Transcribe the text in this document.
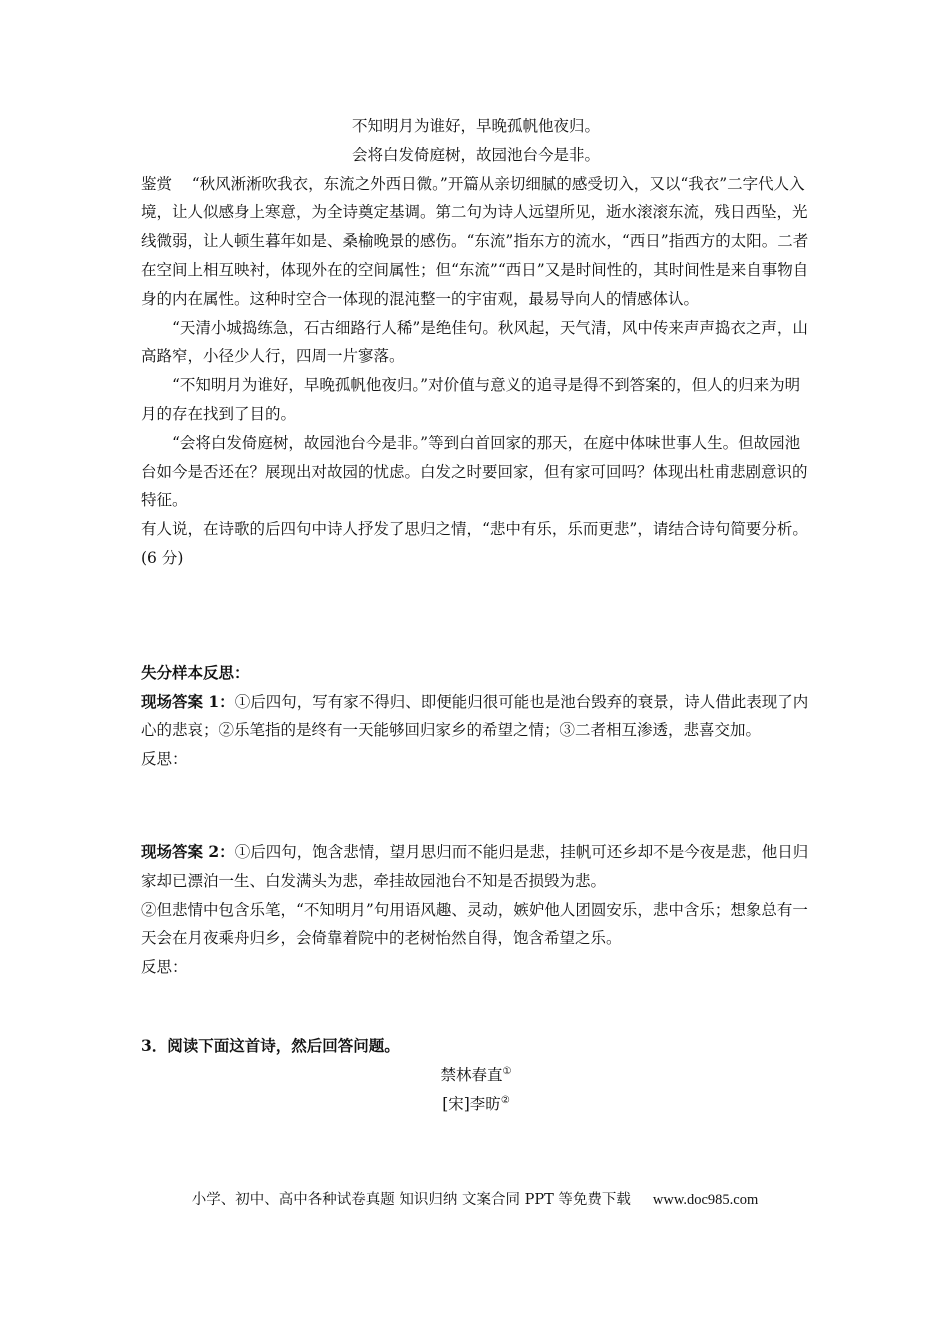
不知明月为谁好，早晚孤帆他夜归。

会将白发倚庭树，故园池台今是非。

鉴赏 “秋风淅淅吹我衣，东流之外西日微。”开篇从亲切细腻的感受切入，又以“我衣”二字代人入境，让人似感身上寒意，为全诗奠定基调。第二句为诗人远望所见，逝水滚滚东流，残日西坠，光线微弱，让人顿生暮年如是、桑榆晚景的感伤。“东流”指东方的流水，“西日”指西方的太阳。二者在空间上相互映衬，体现外在的空间属性；但“东流”“西日”又是时间性的，其时间性是来自事物自身的内在属性。这种时空合一体现的混沌整一的宇宙观，最易导向人的情感体认。

“天清小城捣练急，石古细路行人稀”是绝佳句。秋风起，天气清，风中传来声声捣衣之声，山高路窄，小径少人行，四周一片寥落。

“不知明月为谁好，早晚孤帆他夜归。”对价值与意义的追寻是得不到答案的，但人的归来为明月的存在找到了目的。

“会将白发倚庭树，故园池台今是非。”等到白首回家的那天，在庭中体味世事人生。但故园池台如今是否还在？展现出对故园的忧虑。白发之时要回家，但有家可回吗？体现出杜甫悲剧意识的特征。

有人说，在诗歌的后四句中诗人抒发了思归之情，“悲中有乐，乐而更悲”，请结合诗句简要分析。(6 分)

失分样本反思：

现场答案 1：①后四句，写有家不得归、即便能归很可能也是池台毁弃的衰景，诗人借此表现了内心的悲哀；②乐笔指的是终有一天能够回归家乡的希望之情；③二者相互渗透，悲喜交加。

反思：

现场答案 2：①后四句，饱含悲情，望月思归而不能归是悲，挂帆可还乡却不是今夜是悲，他日归家却已漂泊一生、白发满头为悲，牵挂故园池台不知是否损毁为悲。

②但悲情中包含乐笔，“不知明月”句用语风趣、灵动，嫉妒他人团圆安乐，悲中含乐；想象总有一天会在月夜乘舟归乡，会倚靠着院中的老树怡然自得，饱含希望之乐。

反思：

3．阅读下面这首诗，然后回答问题。

禁林春直①

[宋]李昉②

小学、初中、高中各种试卷真题 知识归纳 文案合同 PPT 等免费下载 www.doc985.com
